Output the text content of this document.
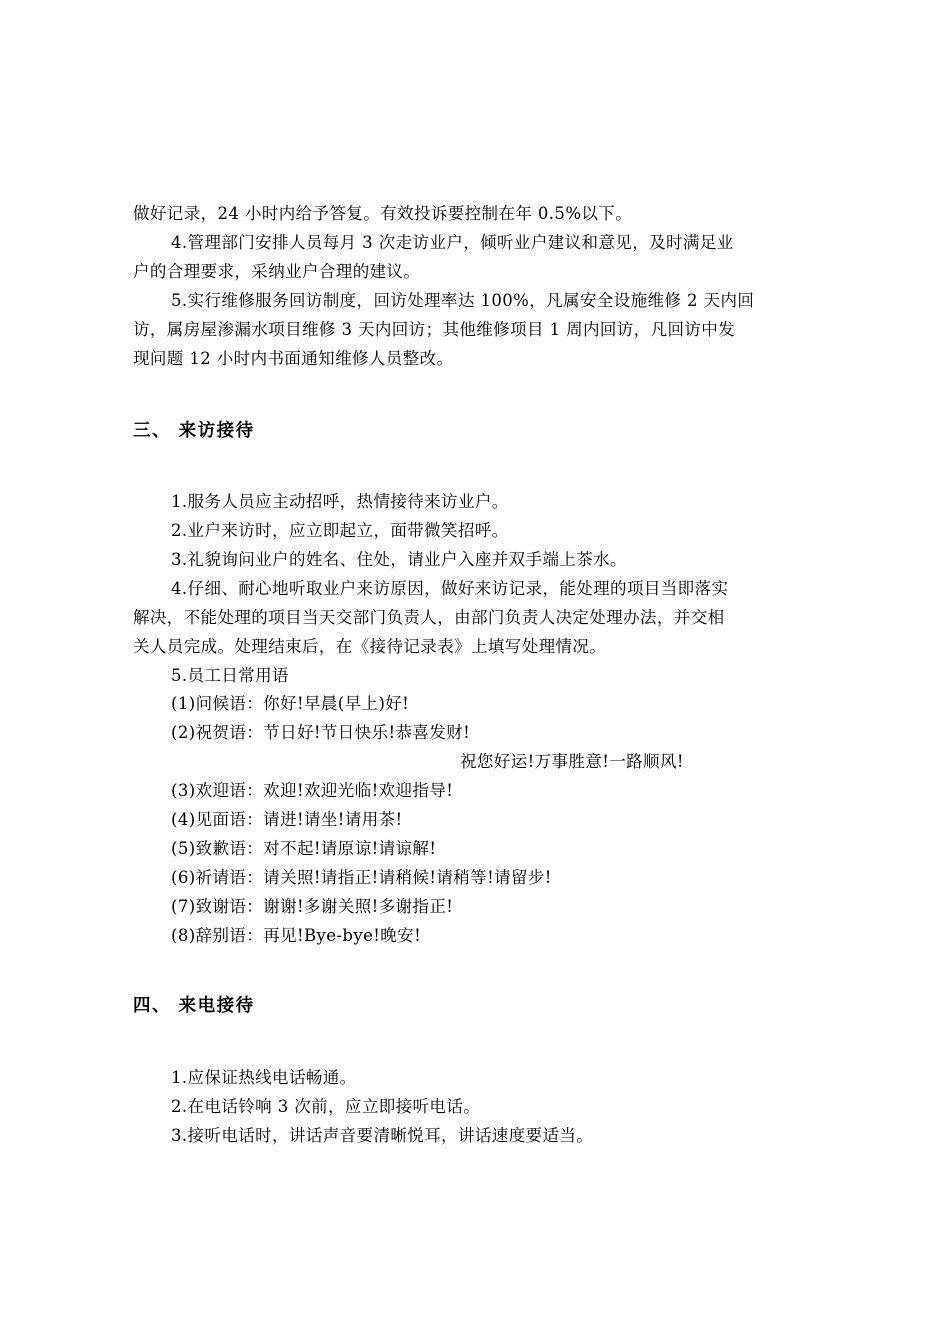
做好记录，24 小时内给予答复。有效投诉要控制在年 0.5%以下。
4.管理部门安排人员每月 3 次走访业户，倾听业户建议和意见，及时满足业
户的合理要求，采纳业户合理的建议。
5.实行维修服务回访制度，回访处理率达 100%，凡属安全设施维修 2 天内回
访，属房屋渗漏水项目维修 3 天内回访；其他维修项目 1 周内回访，凡回访中发
现问题 12 小时内书面通知维修人员整改。
三、 来访接待
1.服务人员应主动招呼，热情接待来访业户。
2.业户来访时，应立即起立，面带微笑招呼。
3.礼貌询问业户的姓名、住处，请业户入座并双手端上茶水。
4.仔细、耐心地听取业户来访原因，做好来访记录，能处理的项目当即落实
解决，不能处理的项目当天交部门负责人，由部门负责人决定处理办法，并交相
关人员完成。处理结束后，在《接待记录表》上填写处理情况。
5.员工日常用语
(1)问候语：你好!早晨(早上)好!
(2)祝贺语：节日好!节日快乐!恭喜发财!
祝您好运!万事胜意!一路顺风!
(3)欢迎语：欢迎!欢迎光临!欢迎指导!
(4)见面语：请进!请坐!请用茶!
(5)致歉语：对不起!请原谅!请谅解!
(6)祈请语：请关照!请指正!请稍候!请稍等!请留步!
(7)致谢语：谢谢!多谢关照!多谢指正!
(8)辞别语：再见!Bye-bye!晚安!
四、 来电接待
1.应保证热线电话畅通。
2.在电话铃响 3 次前，应立即接听电话。
3.接听电话时，讲话声音要清晰悦耳，讲话速度要适当。
